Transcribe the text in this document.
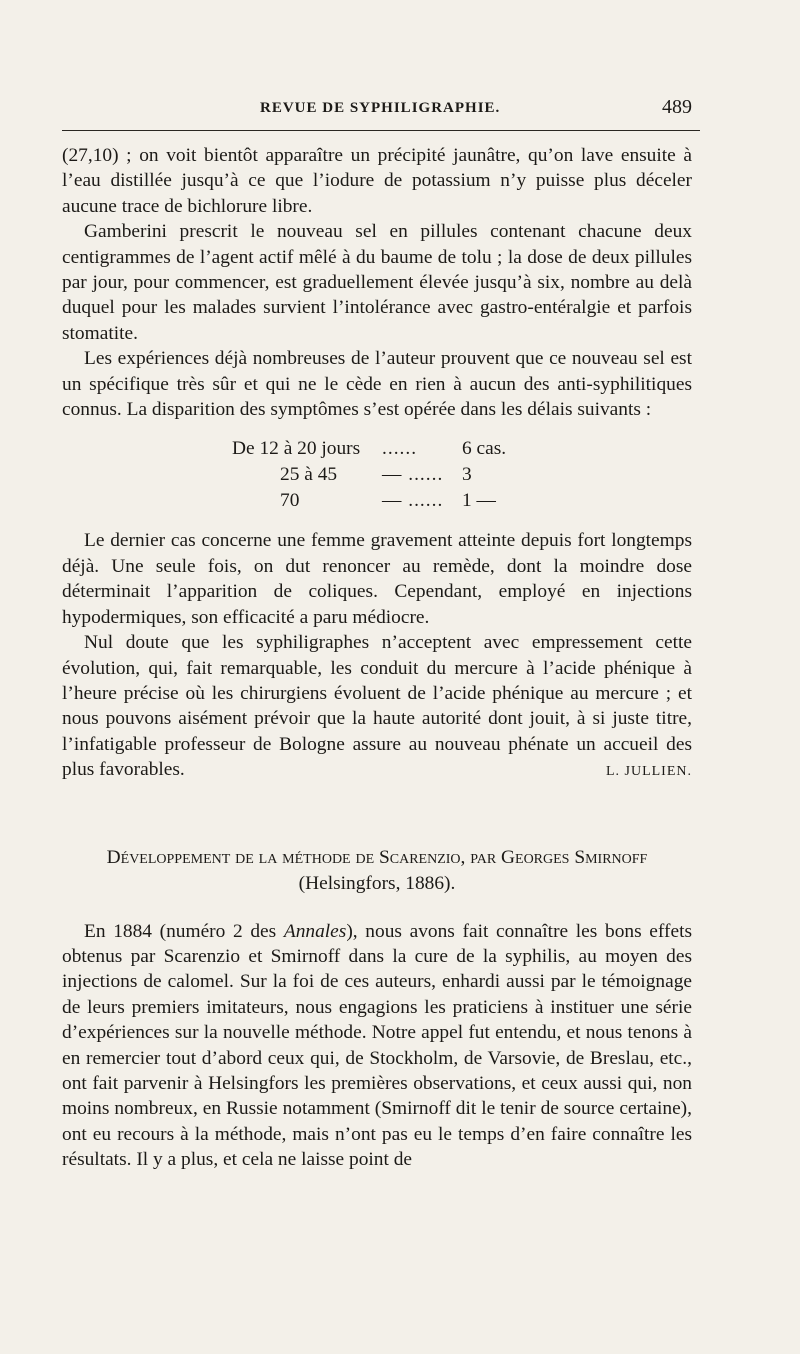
REVUE DE SYPHILIGRAPHIE.	489

(27,10) ; on voit bientôt apparaître un précipité jaunâtre, qu’on lave ensuite à l’eau distillée jusqu’à ce que l’iodure de potassium n’y puisse plus déceler aucune trace de bichlorure libre.

Gamberini prescrit le nouveau sel en pillules contenant chacune deux centigrammes de l’agent actif mêlé à du baume de tolu ; la dose de deux pillules par jour, pour commencer, est graduellement élevée jusqu’à six, nombre au delà duquel pour les malades survient l’intolérance avec gastro-entéralgie et parfois stomatite.

Les expériences déjà nombreuses de l’auteur prouvent que ce nouveau sel est un spécifique très sûr et qui ne le cède en rien à aucun des anti-syphilitiques connus. La disparition des symptômes s’est opérée dans les délais suivants :

De 12 à 20 jours	......	6 cas.
25 à 45	— ...... 3
70	— ...... 1 —

Le dernier cas concerne une femme gravement atteinte depuis fort longtemps déjà. Une seule fois, on dut renoncer au remède, dont la moindre dose déterminait l’apparition de coliques. Cependant, employé en injections hypodermiques, son efficacité a paru médiocre.

Nul doute que les syphiligraphes n’acceptent avec empressement cette évolution, qui, fait remarquable, les conduit du mercure à l’acide phénique à l’heure précise où les chirurgiens évoluent de l’acide phénique au mercure ; et nous pouvons aisément prévoir que la haute autorité dont jouit, à si juste titre, l’infatigable professeur de Bologne assure au nouveau phénate un accueil des plus favorables.	L. JULLIEN.

Développement de la méthode de Scarenzio, par Georges Smirnoff
(Helsingfors, 1886).

En 1884 (numéro 2 des Annales), nous avons fait connaître les bons effets obtenus par Scarenzio et Smirnoff dans la cure de la syphilis, au moyen des injections de calomel. Sur la foi de ces auteurs, enhardi aussi par le témoignage de leurs premiers imitateurs, nous engagions les praticiens à instituer une série d’expériences sur la nouvelle méthode. Notre appel fut entendu, et nous tenons à en remercier tout d’abord ceux qui, de Stockholm, de Varsovie, de Breslau, etc., ont fait parvenir à Helsingfors les premières observations, et ceux aussi qui, non moins nombreux, en Russie notamment (Smirnoff dit le tenir de source certaine), ont eu recours à la méthode, mais n’ont pas eu le temps d’en faire connaître les résultats. Il y a plus, et cela ne laisse point de
